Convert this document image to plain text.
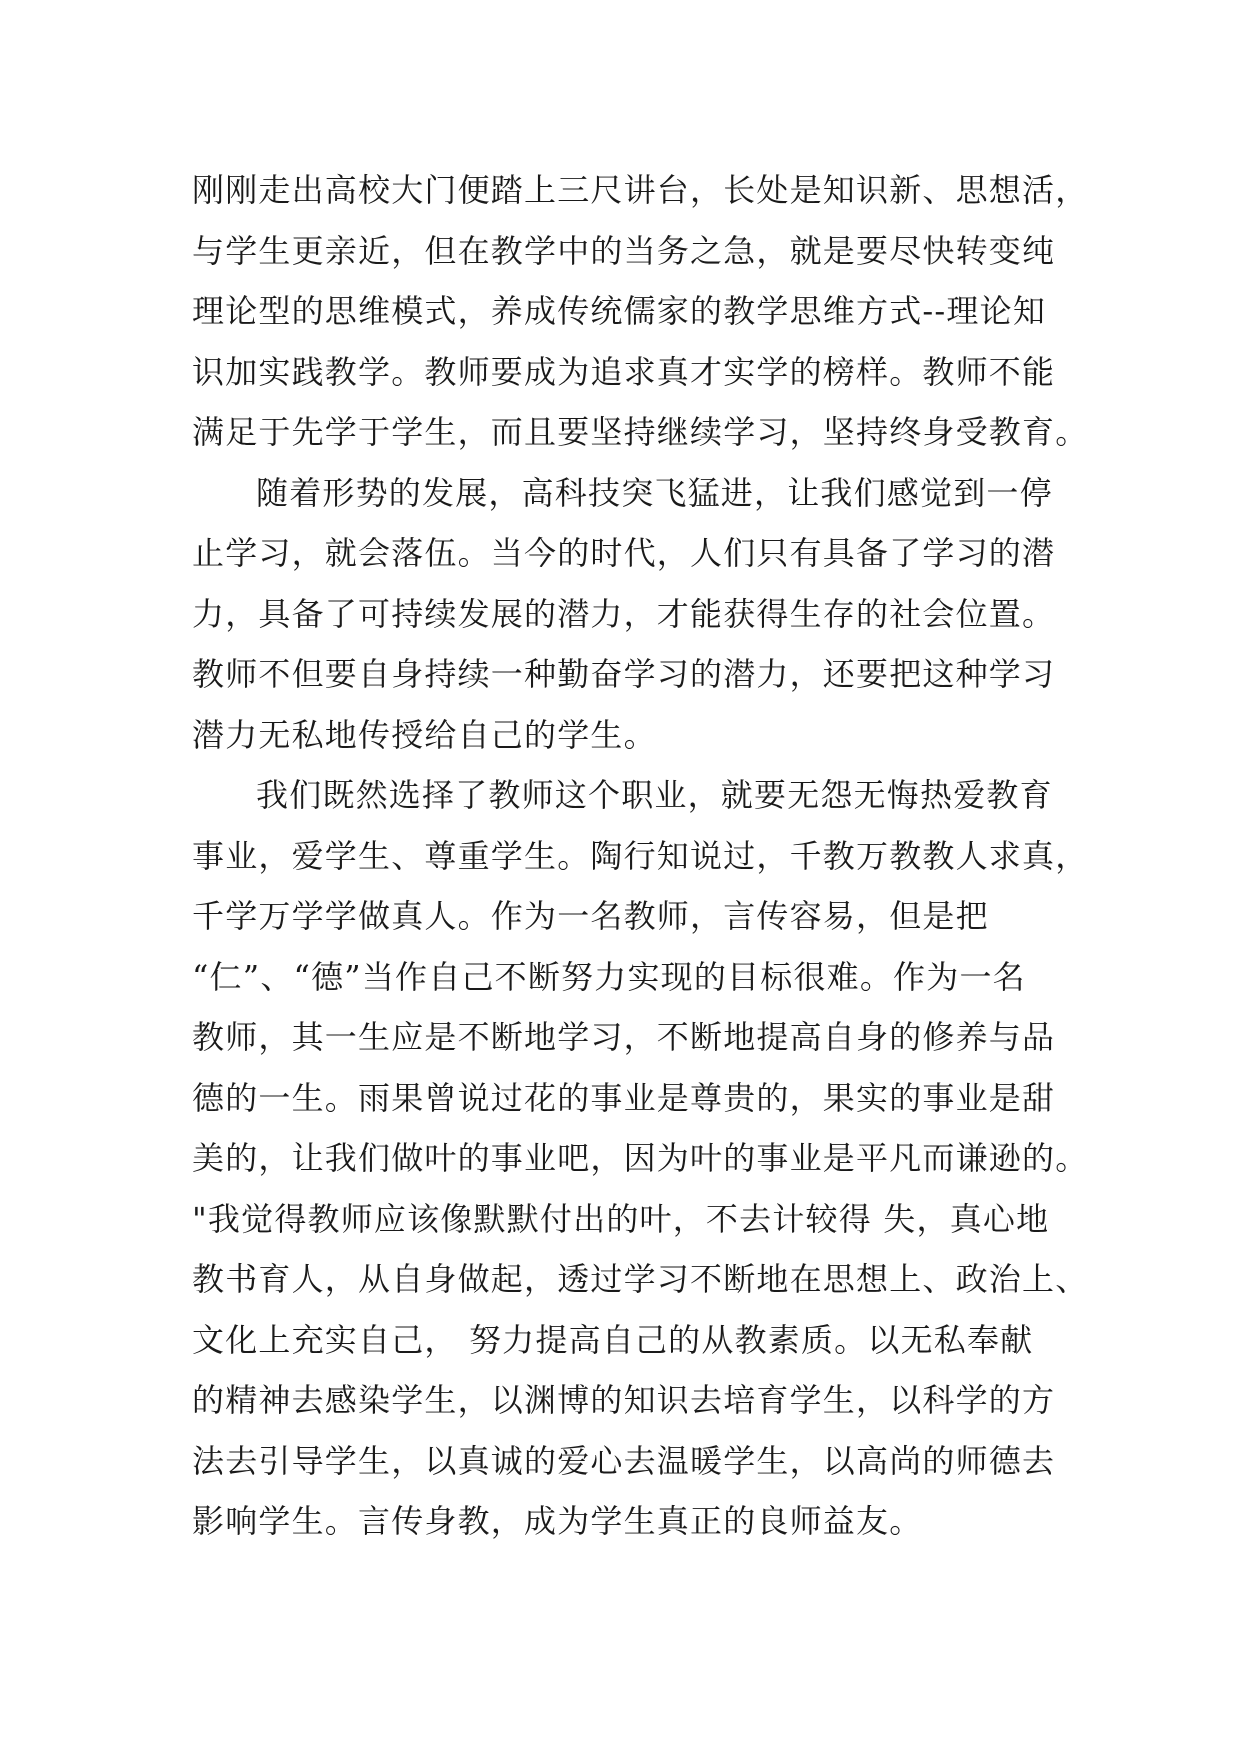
刚刚走出高校大门便踏上三尺讲台，长处是知识新、思想活，
与学生更亲近，但在教学中的当务之急，就是要尽快转变纯
理论型的思维模式，养成传统儒家的教学思维方式--理论知
识加实践教学。教师要成为追求真才实学的榜样。教师不能
满足于先学于学生，而且要坚持继续学习，坚持终身受教育。
随着形势的发展，高科技突飞猛进，让我们感觉到一停
止学习，就会落伍。当今的时代，人们只有具备了学习的潜
力，具备了可持续发展的潜力，才能获得生存的社会位置。
教师不但要自身持续一种勤奋学习的潜力，还要把这种学习
潜力无私地传授给自己的学生。
我们既然选择了教师这个职业，就要无怨无悔热爱教育
事业，爱学生、尊重学生。陶行知说过，千教万教教人求真，
千学万学学做真人。作为一名教师，言传容易，但是把
“仁”、“德”当作自己不断努力实现的目标很难。作为一名
教师，其一生应是不断地学习，不断地提高自身的修养与品
德的一生。雨果曾说过花的事业是尊贵的，果实的事业是甜
美的，让我们做叶的事业吧，因为叶的事业是平凡而谦逊的。
"我觉得教师应该像默默付出的叶，不去计较得 失，真心地
教书育人，从自身做起，透过学习不断地在思想上、政治上、
文化上充实自己， 努力提高自己的从教素质。以无私奉献
的精神去感染学生，以渊博的知识去培育学生，以科学的方
法去引导学生，以真诚的爱心去温暖学生，以高尚的师德去
影响学生。言传身教，成为学生真正的良师益友。
